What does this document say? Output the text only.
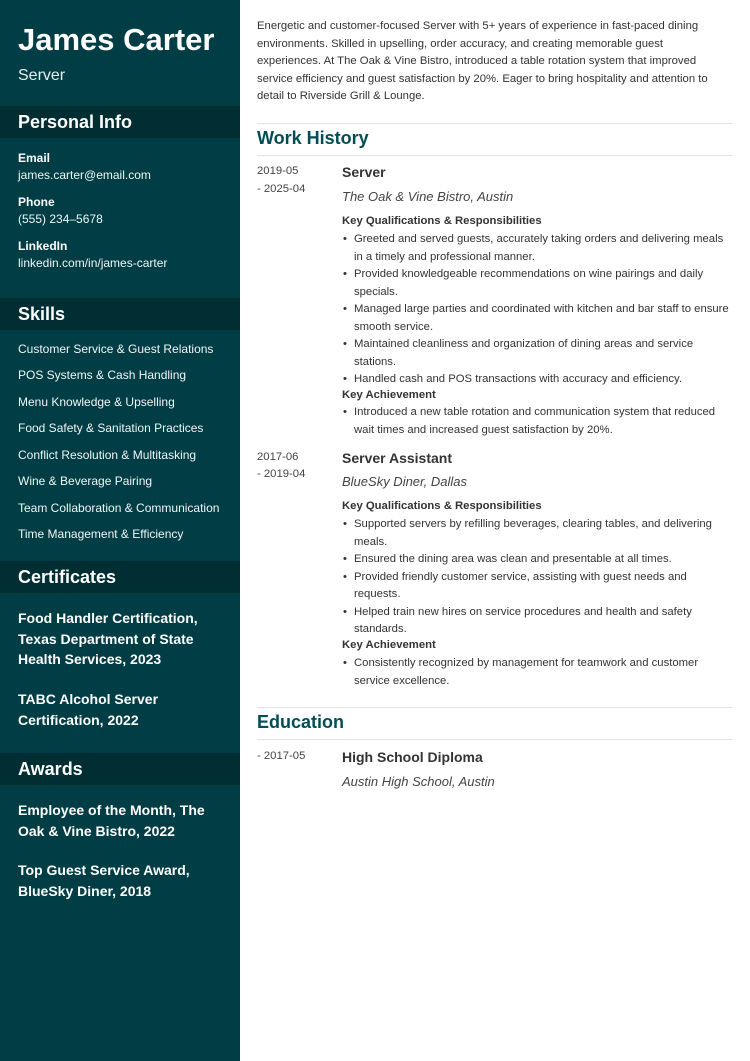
James Carter
Server
Personal Info
Email
james.carter@email.com
Phone
(555) 234–5678
LinkedIn
linkedin.com/in/james-carter
Skills
Customer Service & Guest Relations
POS Systems & Cash Handling
Menu Knowledge & Upselling
Food Safety & Sanitation Practices
Conflict Resolution & Multitasking
Wine & Beverage Pairing
Team Collaboration & Communication
Time Management & Efficiency
Certificates
Food Handler Certification, Texas Department of State Health Services, 2023
TABC Alcohol Server Certification, 2022
Awards
Employee of the Month, The Oak & Vine Bistro, 2022
Top Guest Service Award, BlueSky Diner, 2018
Energetic and customer-focused Server with 5+ years of experience in fast-paced dining environments. Skilled in upselling, order accuracy, and creating memorable guest experiences. At The Oak & Vine Bistro, introduced a table rotation system that improved service efficiency and guest satisfaction by 20%. Eager to bring hospitality and attention to detail to Riverside Grill & Lounge.
Work History
2019-05
- 2025-04
Server
The Oak & Vine Bistro, Austin
Key Qualifications & Responsibilities
• Greeted and served guests, accurately taking orders and delivering meals in a timely and professional manner.
• Provided knowledgeable recommendations on wine pairings and daily specials.
• Managed large parties and coordinated with kitchen and bar staff to ensure smooth service.
• Maintained cleanliness and organization of dining areas and service stations.
• Handled cash and POS transactions with accuracy and efficiency.
Key Achievement
• Introduced a new table rotation and communication system that reduced wait times and increased guest satisfaction by 20%.
2017-06
- 2019-04
Server Assistant
BlueSky Diner, Dallas
Key Qualifications & Responsibilities
• Supported servers by refilling beverages, clearing tables, and delivering meals.
• Ensured the dining area was clean and presentable at all times.
• Provided friendly customer service, assisting with guest needs and requests.
• Helped train new hires on service procedures and health and safety standards.
Key Achievement
• Consistently recognized by management for teamwork and customer service excellence.
Education
- 2017-05	High School Diploma
Austin High School, Austin
